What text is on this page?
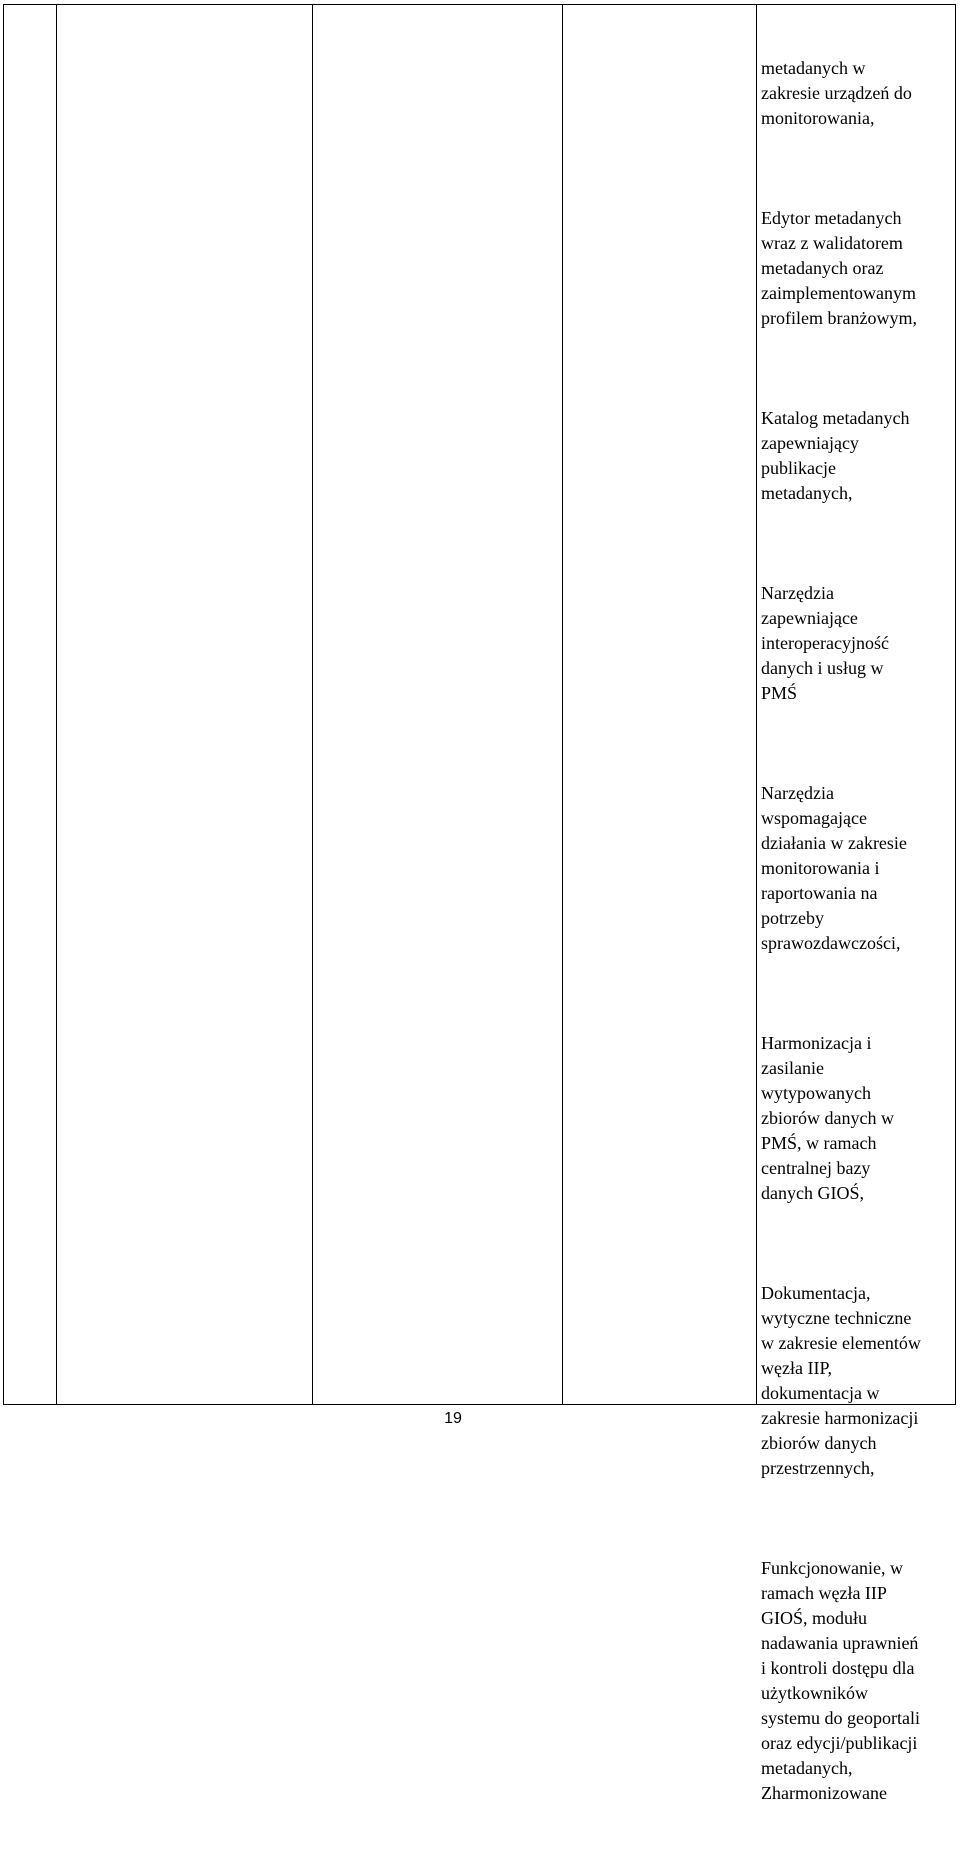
metadanych w
zakresie urządzeń do
monitorowania,

Edytor metadanych
wraz z walidatorem
metadanych oraz
zaimplementowanym
profilem branżowym,

Katalog metadanych
zapewniający
publikacje
metadanych,

Narzędzia
zapewniające
interoperacyjność
danych i usług w
PMŚ

Narzędzia
wspomagające
działania w zakresie
monitorowania i
raportowania na
potrzeby
sprawozdawczości,

Harmonizacja i
zasilanie
wytypowanych
zbiorów danych w
PMŚ, w ramach
centralnej bazy
danych GIOŚ,

Dokumentacja,
wytyczne techniczne
w zakresie elementów
węzła IIP,
dokumentacja w
zakresie harmonizacji
zbiorów danych
przestrzennych,

Funkcjonowanie, w
ramach węzła IIP
GIOŚ, modułu
nadawania uprawnień
i kontroli dostępu dla
użytkowników
systemu do geoportali
oraz edycji/publikacji
metadanych,
Zharmonizowane

19
